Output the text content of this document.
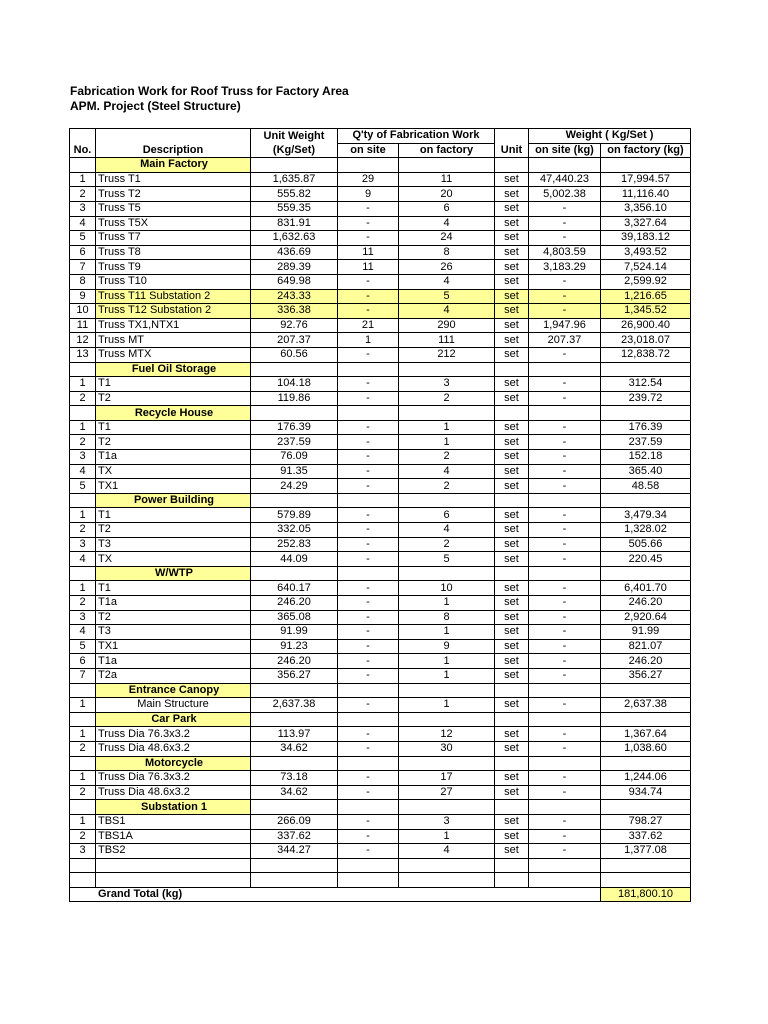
Fabrication Work for Roof Truss for Factory Area
APM. Project (Steel Structure)
		Unit Weight	Q'ty of Fabrication Work			Weight ( Kg/Set )	
No.	Description	(Kg/Set)	on site	on factory	Unit	on site (kg)	on factory (kg)
	Main Factory						
1	Truss T1	1,635.87	29	11	set	47,440.23	17,994.57
2	Truss T2	555.82	9	20	set	5,002.38	11,116.40
3	Truss T5	559.35	-	6	set	-	3,356.10
4	Truss T5X	831.91	-	4	set	-	3,327.64
5	Truss T7	1,632.63	-	24	set	-	39,183.12
6	Truss T8	436.69	11	8	set	4,803.59	3,493.52
7	Truss T9	289.39	11	26	set	3,183.29	7,524.14
8	Truss T10	649.98	-	4	set	-	2,599.92
9	Truss T11 Substation 2	243.33	-	5	set	-	1,216.65
10	Truss T12 Substation 2	336.38	-	4	set	-	1,345.52
11	Truss TX1,NTX1	92.76	21	290	set	1,947.96	26,900.40
12	Truss MT	207.37	1	111	set	207.37	23,018.07
13	Truss MTX	60.56	-	212	set	-	12,838.72
	Fuel Oil Storage						
1	T1	104.18	-	3	set	-	312.54
2	T2	119.86	-	2	set	-	239.72
	Recycle House						
1	T1	176.39	-	1	set	-	176.39
2	T2	237.59	-	1	set	-	237.59
3	T1a	76.09	-	2	set	-	152.18
4	TX	91.35	-	4	set	-	365.40
5	TX1	24.29	-	2	set	-	48.58
	Power Building						
1	T1	579.89	-	6	set	-	3,479.34
2	T2	332.05	-	4	set	-	1,328.02
3	T3	252.83	-	2	set	-	505.66
4	TX	44.09	-	5	set	-	220.45
	W/WTP						
1	T1	640.17	-	10	set	-	6,401.70
2	T1a	246.20	-	1	set	-	246.20
3	T2	365.08	-	8	set	-	2,920.64
4	T3	91.99	-	1	set	-	91.99
5	TX1	91.23	-	9	set	-	821.07
6	T1a	246.20	-	1	set	-	246.20
7	T2a	356.27	-	1	set	-	356.27
	Entrance Canopy						
1	Main Structure	2,637.38	-	1	set	-	2,637.38
	Car Park						
1	Truss Dia 76.3x3.2	113.97	-	12	set	-	1,367.64
2	Truss Dia 48.6x3.2	34.62	-	30	set	-	1,038.60
	Motorcycle						
1	Truss Dia 76.3x3.2	73.18	-	17	set	-	1,244.06
2	Truss Dia 48.6x3.2	34.62	-	27	set	-	934.74
	Substation 1						
1	TBS1	266.09	-	3	set	-	798.27
2	TBS1A	337.62	-	1	set	-	337.62
3	TBS2	344.27	-	4	set	-	1,377.08

Grand Total (kg)							181,800.10
